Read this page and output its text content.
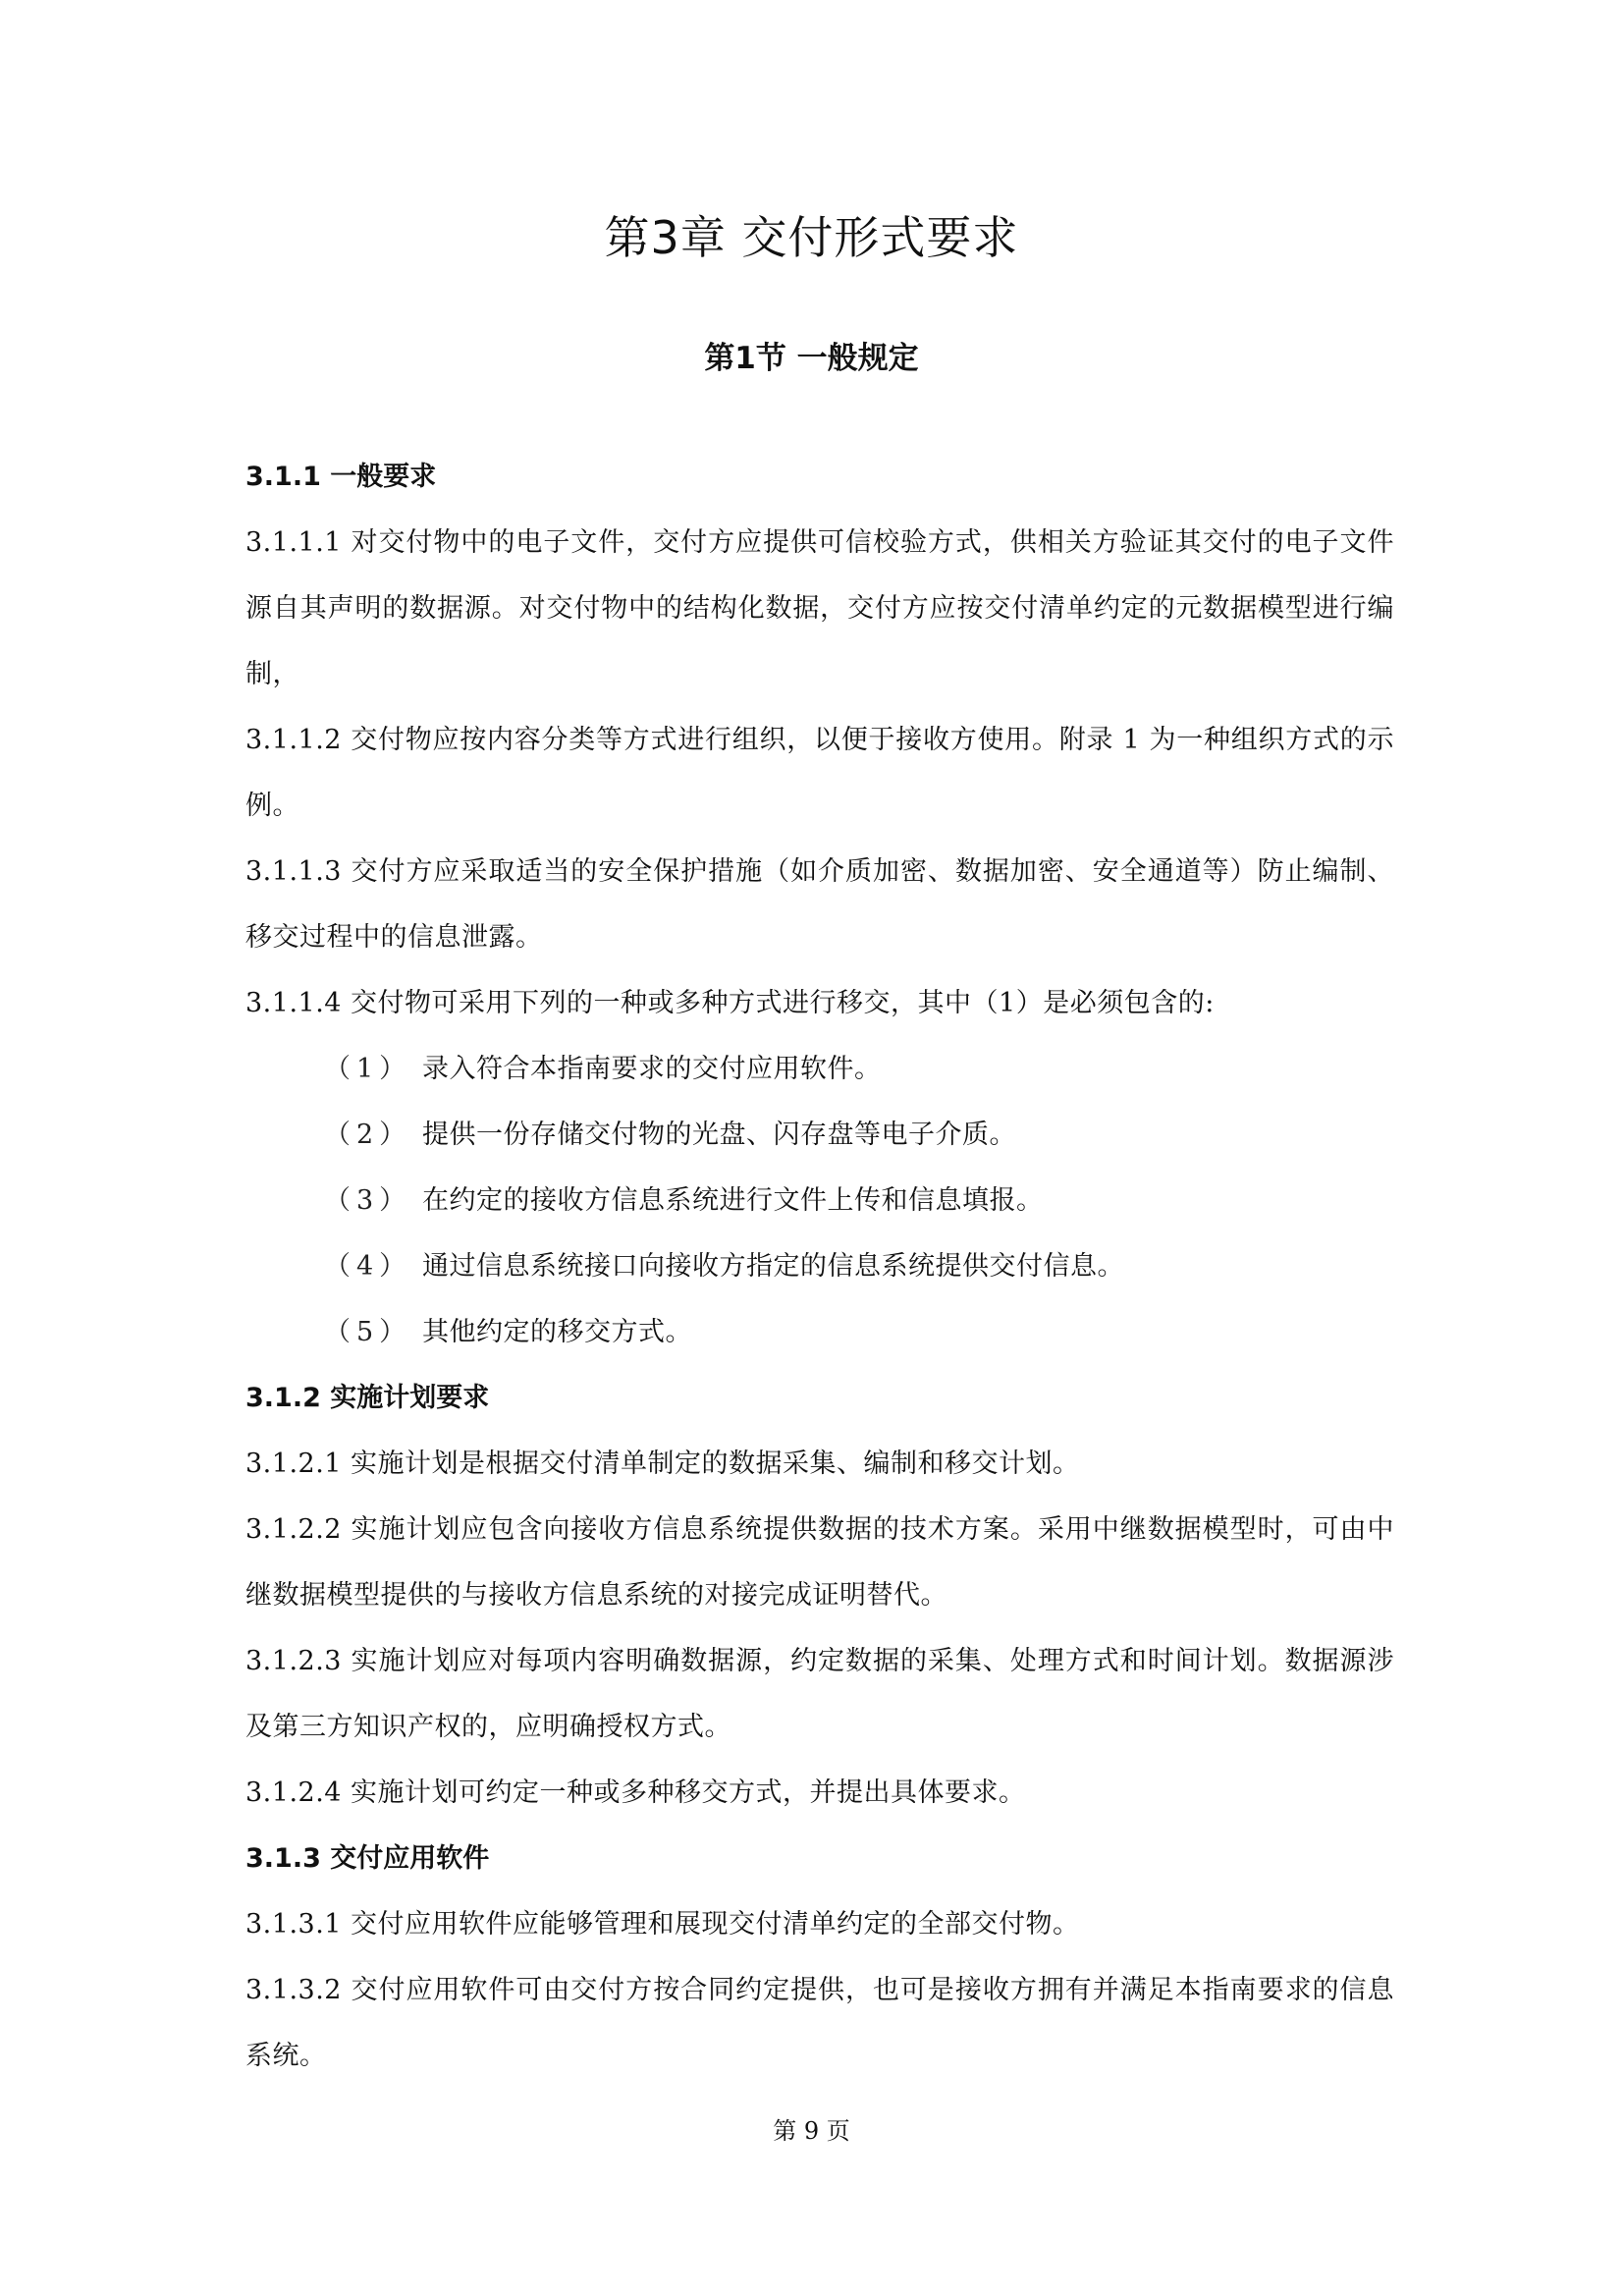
第3章 交付形式要求
第1节 一般规定
3.1.1 一般要求

3.1.1.1 对交付物中的电子文件，交付方应提供可信校验方式，供相关方验证其交付的电子文件源自其声明的数据源。对交付物中的结构化数据，交付方应按交付清单约定的元数据模型进行编制，

3.1.1.2 交付物应按内容分类等方式进行组织，以便于接收方使用。附录 1 为一种组织方式的示例。

3.1.1.3 交付方应采取适当的安全保护措施（如介质加密、数据加密、安全通道等）防止编制、移交过程中的信息泄露。

3.1.1.4 交付物可采用下列的一种或多种方式进行移交，其中（1）是必须包含的:

（1） 录入符合本指南要求的交付应用软件。
（2） 提供一份存储交付物的光盘、闪存盘等电子介质。
（3） 在约定的接收方信息系统进行文件上传和信息填报。
（4） 通过信息系统接口向接收方指定的信息系统提供交付信息。
（5） 其他约定的移交方式。
3.1.2 实施计划要求

3.1.2.1 实施计划是根据交付清单制定的数据采集、编制和移交计划。

3.1.2.2 实施计划应包含向接收方信息系统提供数据的技术方案。采用中继数据模型时，可由中继数据模型提供的与接收方信息系统的对接完成证明替代。

3.1.2.3 实施计划应对每项内容明确数据源，约定数据的采集、处理方式和时间计划。数据源涉及第三方知识产权的，应明确授权方式。

3.1.2.4 实施计划可约定一种或多种移交方式，并提出具体要求。

3.1.3 交付应用软件

3.1.3.1 交付应用软件应能够管理和展现交付清单约定的全部交付物。

3.1.3.2 交付应用软件可由交付方按合同约定提供，也可是接收方拥有并满足本指南要求的信息系统。

第 9 页
